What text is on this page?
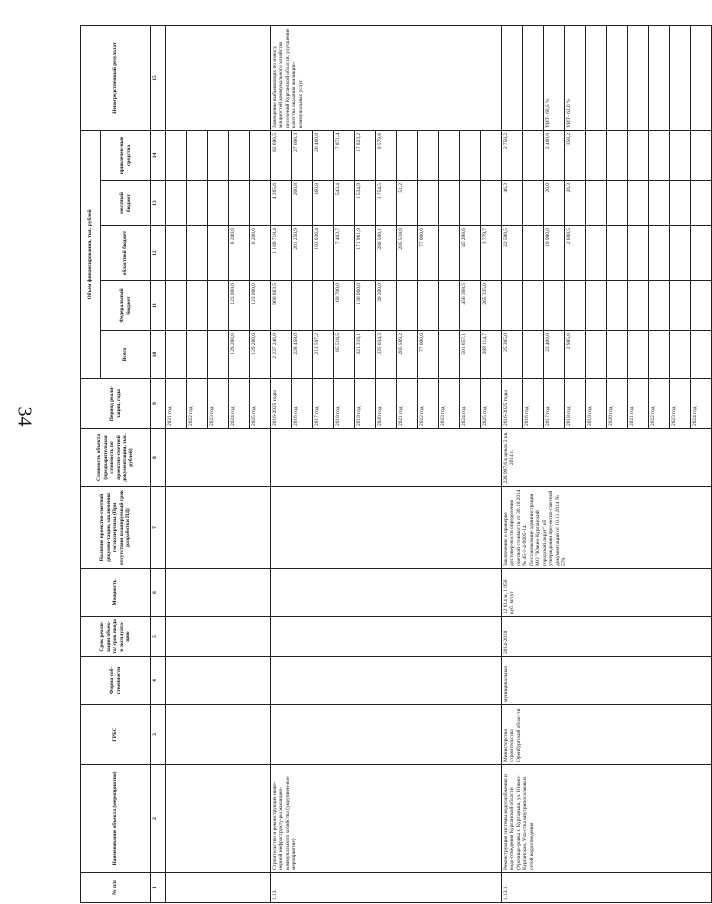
34
№ п/п	Наименование объекта (мероприятия)	ГРБС	Форма соб-ственности	Срок реали-зации объек-та/ срок ввода в эксплуата-цию	Мощность	Наличие проектно-сметной докумен-тации, заключения госэкспертизы (При отсутствии планируемый срок разработки ПД)	Стоимость объекта (предварительная стоимость по проектно-сметной документации, тыс. рублей)	Период реали-зации, годы	Объем финансирования, тыс. рублей					Непосредственный результат
									Всего	Федеральный бюджет	областной бюджет	местный бюджет	привлечен-ные средства	
1	2	3	4	5	6	7	8	9	10	11	12	13	14	15
								2021 год						
								2022 год						
								2023 год						
								2024 год	129 200,0	123 000,0	6 200,0			
								2025 год	129 200,0	123 000,0	6 200,0			
1.13.	Строительство и реконструкция инже-нерной инфраструкту-ры жилищно-коммунального хозяйства (укрупнен-ное мероприятие)							2016-2025 годы	2 237 246,0	960 603,5	1 189 718,4	4 265,6	82 680,5	Замещение выбывающих по износу мощностей коммунального хозяйства поселений Курганской области, улучшение качества оказания жилищно-коммунальных услуг
								2016 год	228 458,0		201 250,9	200,8	27 006,3	
								2017 год	213 597,2		193 036,4	160,8	20 400,0	
								2018 год	85 518,5	69 700,0	7 403,7	543,4	7 871,4	
								2019 год	321 319,1	130 000,0	171 961,9	1 534,9	17 823,2	
								2020 год	335 034,3	39 200,0	286 500,1	1 754,5	9 579,6	
								2021 год	205 569,2		205 518,0	51,2		
								2022 год	77 000,0		77 000,0			
								2023 год						
								2024 год	501 657,1	456 368,5	45 288,6			
								2025 год	269 114,7	265 335,0	3 779,7			
1.13.1.	Реконструкция системы водоснабжения и водо-отведения Курганской области (Урочище-ровка г. Куртамыш, ул. Южно-Курганская, Уча-стка внутрипоселковых сетей водоотведения	Министерство строительства Оренбургской облас-ти	муниципальная	2014-2018	12 614 м, 1 050 куб. м/сут	Заключение о проверке достовер-ности определения сметной стоимости от 30.10.2014 № 45-1-4-0005-14. Постановление администрации МО "Южно-Курганский городской округ" об утверждении про-ектно-сметной документации от 10.11.2014 № 578.	228 997,6 в ценах 2 кв. 2014 г.	2016-2025 годы	25 385,0		22 580,5	46,3	2 758,2	
								2016 год						
								2017 год	22 400,0		19 980,0	20,0	2 400,0	УИТ- 60,5 %
								2018 год	2 985,0		2 600,5	26,3	358,2	УИТ- 62,0 %
								2019 год						
								2020 год						
								2021 год						
								2022 год						
								2023 год						
								2024 год						
